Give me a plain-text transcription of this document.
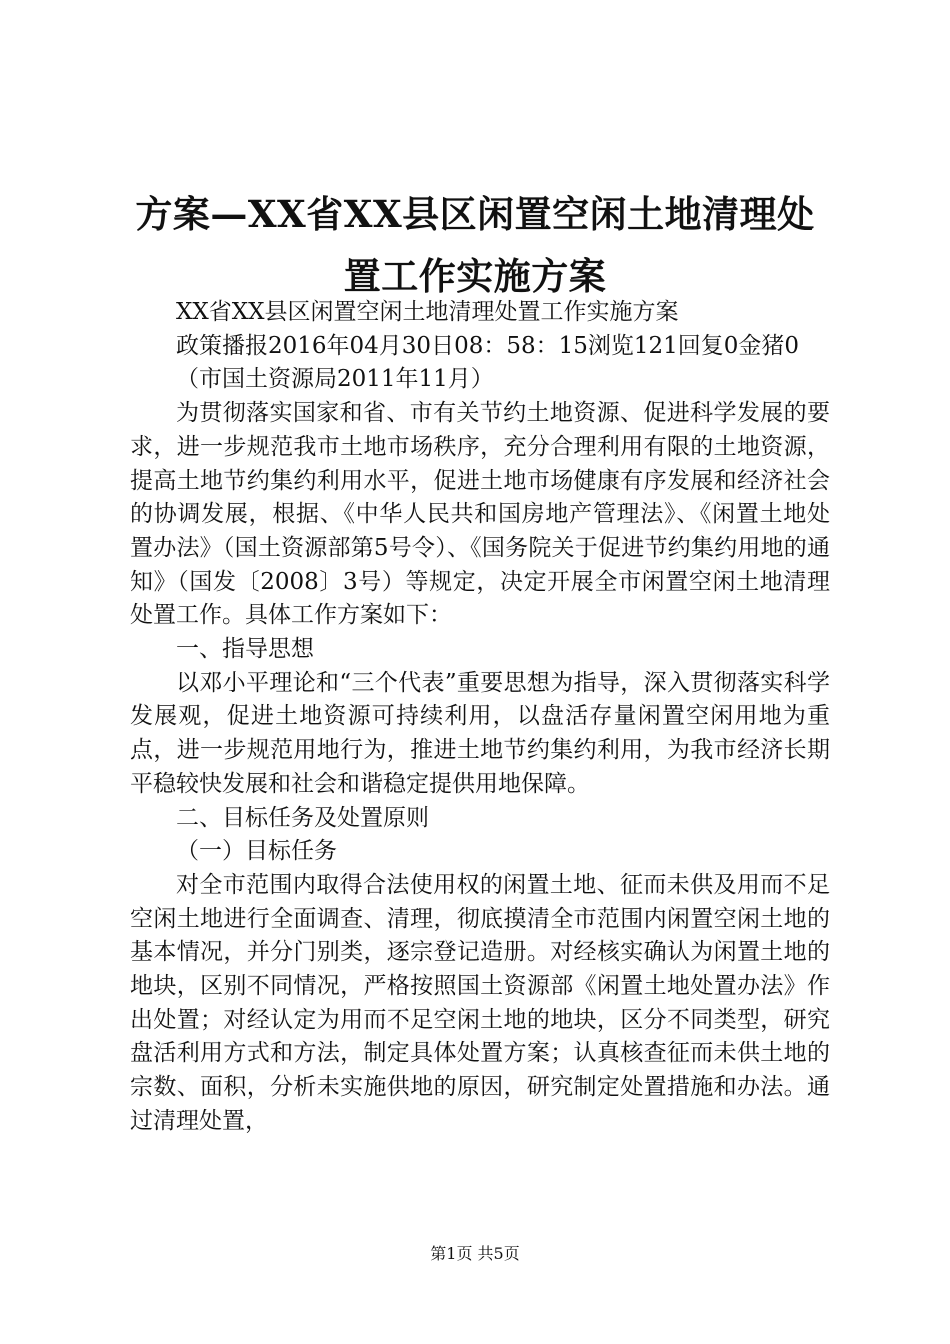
方案—XX省XX县区闲置空闲土地清理处置工作实施方案

XX省XX县区闲置空闲土地清理处置工作实施方案

政策播报2016年04月30日08：58：15浏览121回复0金猪0

（市国土资源局2011年11月）

为贯彻落实国家和省、市有关节约土地资源、促进科学发展的要求，进一步规范我市土地市场秩序，充分合理利用有限的土地资源，提高土地节约集约利用水平，促进土地市场健康有序发展和经济社会的协调发展，根据、《中华人民共和国房地产管理法》、《闲置土地处置办法》（国土资源部第5号令）、《国务院关于促进节约集约用地的通知》（国发〔2008〕3号）等规定，决定开展全市闲置空闲土地清理处置工作。具体工作方案如下：

一、指导思想

以邓小平理论和“三个代表”重要思想为指导，深入贯彻落实科学发展观，促进土地资源可持续利用，以盘活存量闲置空闲用地为重点，进一步规范用地行为，推进土地节约集约利用，为我市经济长期平稳较快发展和社会和谐稳定提供用地保障。

二、目标任务及处置原则

（一）目标任务

对全市范围内取得合法使用权的闲置土地、征而未供及用而不足空闲土地进行全面调查、清理，彻底摸清全市范围内闲置空闲土地的基本情况，并分门别类，逐宗登记造册。对经核实确认为闲置土地的地块，区别不同情况，严格按照国土资源部《闲置土地处置办法》作出处置；对经认定为用而不足空闲土地的地块，区分不同类型，研究盘活利用方式和方法，制定具体处置方案；认真核查征而未供土地的宗数、面积，分析未实施供地的原因，研究制定处置措施和办法。通过清理处置，

第1页 共5页
